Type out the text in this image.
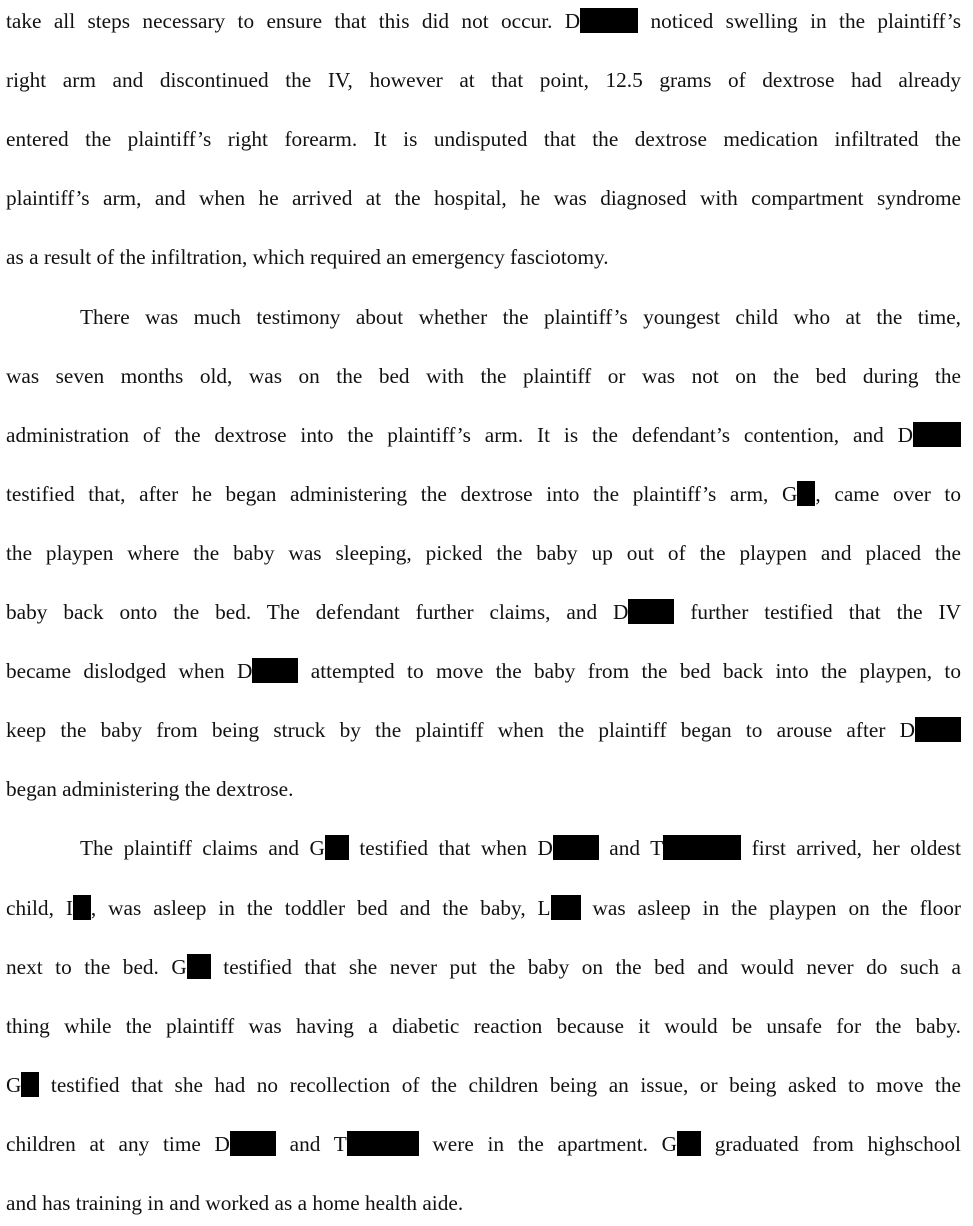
take all steps necessary to ensure that this did not occur. D	noticed swelling in the plaintiff’s
right arm and discontinued the IV, however at that point, 12.5 grams of dextrose had already
entered the plaintiff’s right forearm. It is undisputed that the dextrose medication infiltrated the
plaintiff’s arm, and when he arrived at the hospital, he was diagnosed with compartment syndrome
as a result of the infiltration, which required an emergency fasciotomy.
There was much testimony about whether the plaintiff’s youngest child who at the time,
was seven months old, was on the bed with the plaintiff or was not on the bed during the
administration of the dextrose into the plaintiff’s arm. It is the defendant’s contention, and D
testified that, after he began administering the dextrose into the plaintiff’s arm, G , came over to
the playpen where the baby was sleeping, picked the baby up out of the playpen and placed the
baby back onto the bed. The defendant further claims, and D further testified that the IV
became dislodged when D attempted to move the baby from the bed back into the playpen, to
keep the baby from being struck by the plaintiff when the plaintiff began to arouse after D
began administering the dextrose.
The plaintiff claims and G testified that when D and T	first arrived, her oldest
child, I , was asleep in the toddler bed and the baby, L was asleep in the playpen on the floor
next to the bed. G testified that she never put the baby on the bed and would never do such a
thing while the plaintiff was having a diabetic reaction because it would be unsafe for the baby.
G testified that she had no recollection of the children being an issue, or being asked to move the
children at any time D and T	were in the apartment. G graduated from highschool
and has training in and worked as a home health aide.
